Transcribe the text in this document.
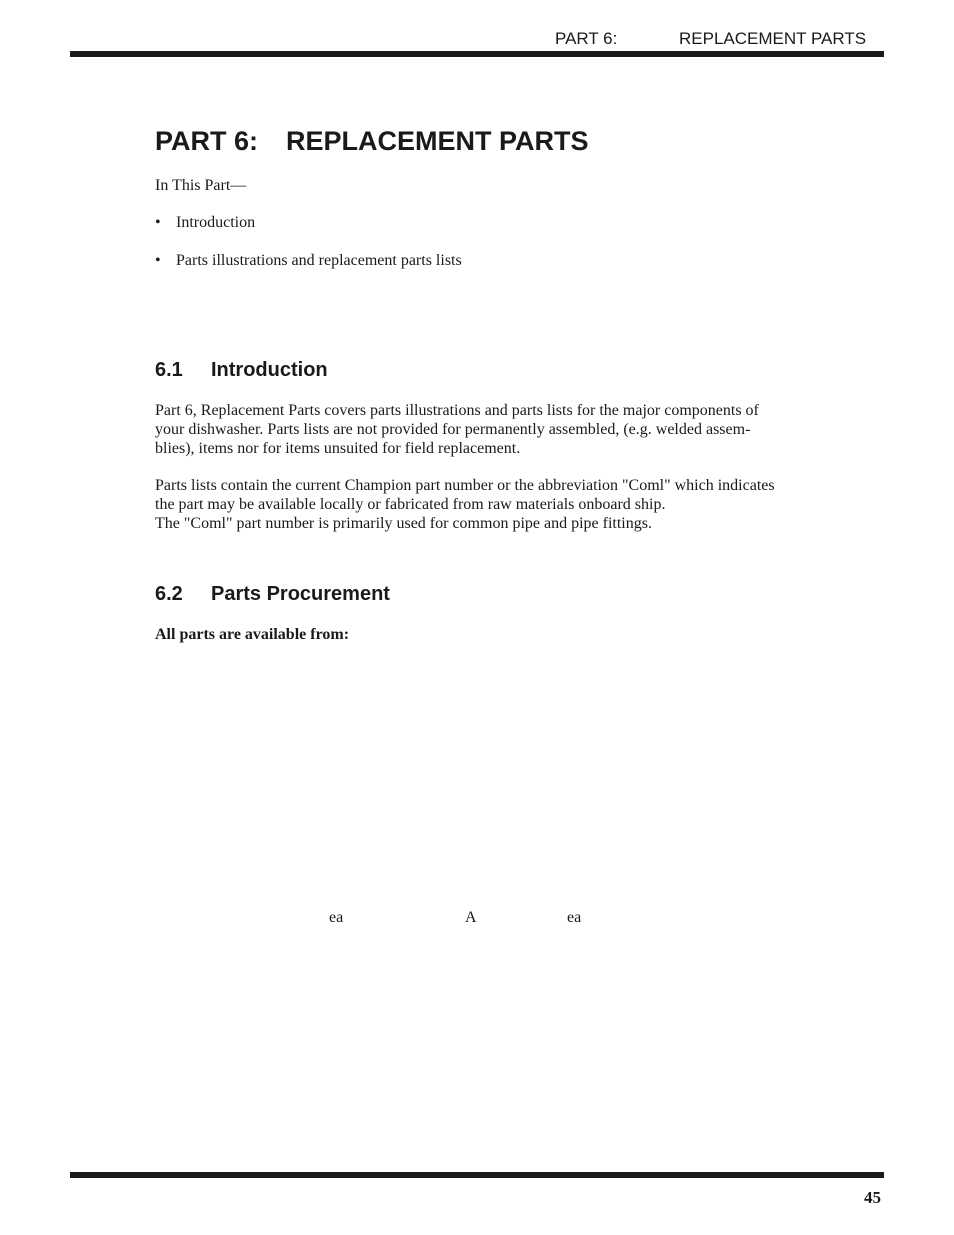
PART 6:	REPLACEMENT PARTS
PART 6: REPLACEMENT PARTS

In This Part—

• Introduction
• Parts illustrations and replacement parts lists
6.1 Introduction

Part 6, Replacement Parts covers parts illustrations and parts lists for the major components of
your dishwasher. Parts lists are not provided for permanently assembled, (e.g. welded assem-
blies), items nor for items unsuited for field replacement.

Parts lists contain the current Champion part number or the abbreviation "Coml" which indicates
the part may be available locally or fabricated from raw materials onboard ship.
The "Coml" part number is primarily used for common pipe and pipe fittings.

6.2 Parts Procurement

All parts are available from:

ea	A	ea
45
